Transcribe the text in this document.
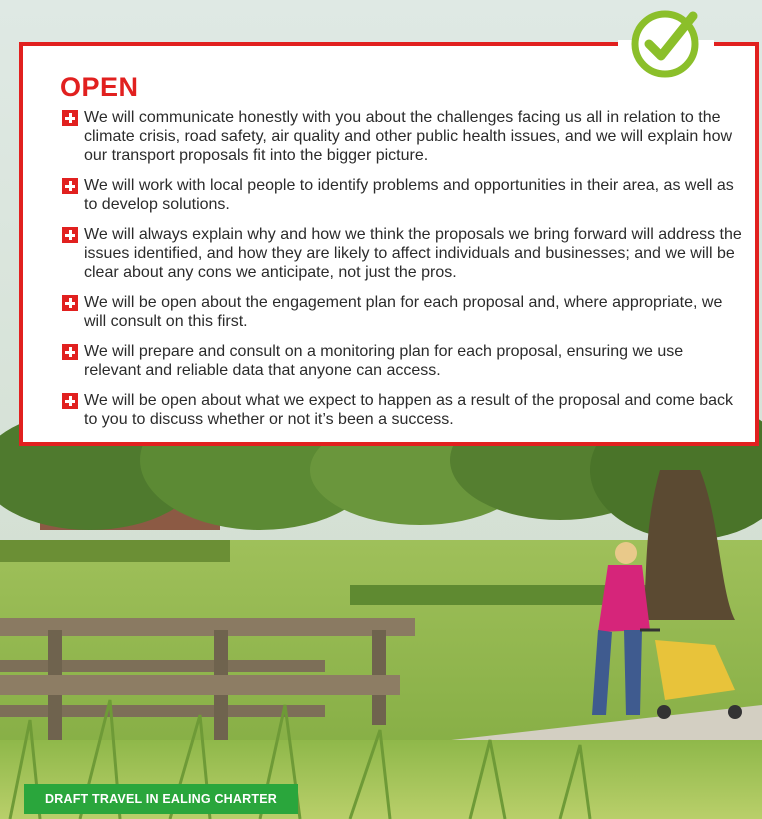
OPEN
We will communicate honestly with you about the challenges facing us all in relation to the climate crisis, road safety, air quality and other public health issues, and we will explain how our transport proposals fit into the bigger picture.
We will work with local people to identify problems and opportunities in their area, as well as to develop solutions.
We will always explain why and how we think the proposals we bring forward will address the issues identified, and how they are likely to affect individuals and businesses; and we will be clear about any cons we anticipate, not just the pros.
We will be open about the engagement plan for each proposal and, where appropriate, we will consult on this first.
We will prepare and consult on a monitoring plan for each proposal, ensuring we use relevant and reliable data that anyone can access.
We will be open about what we expect to happen as a result of the proposal and come back to you to discuss whether or not it’s been a success.
DRAFT TRAVEL IN EALING CHARTER
